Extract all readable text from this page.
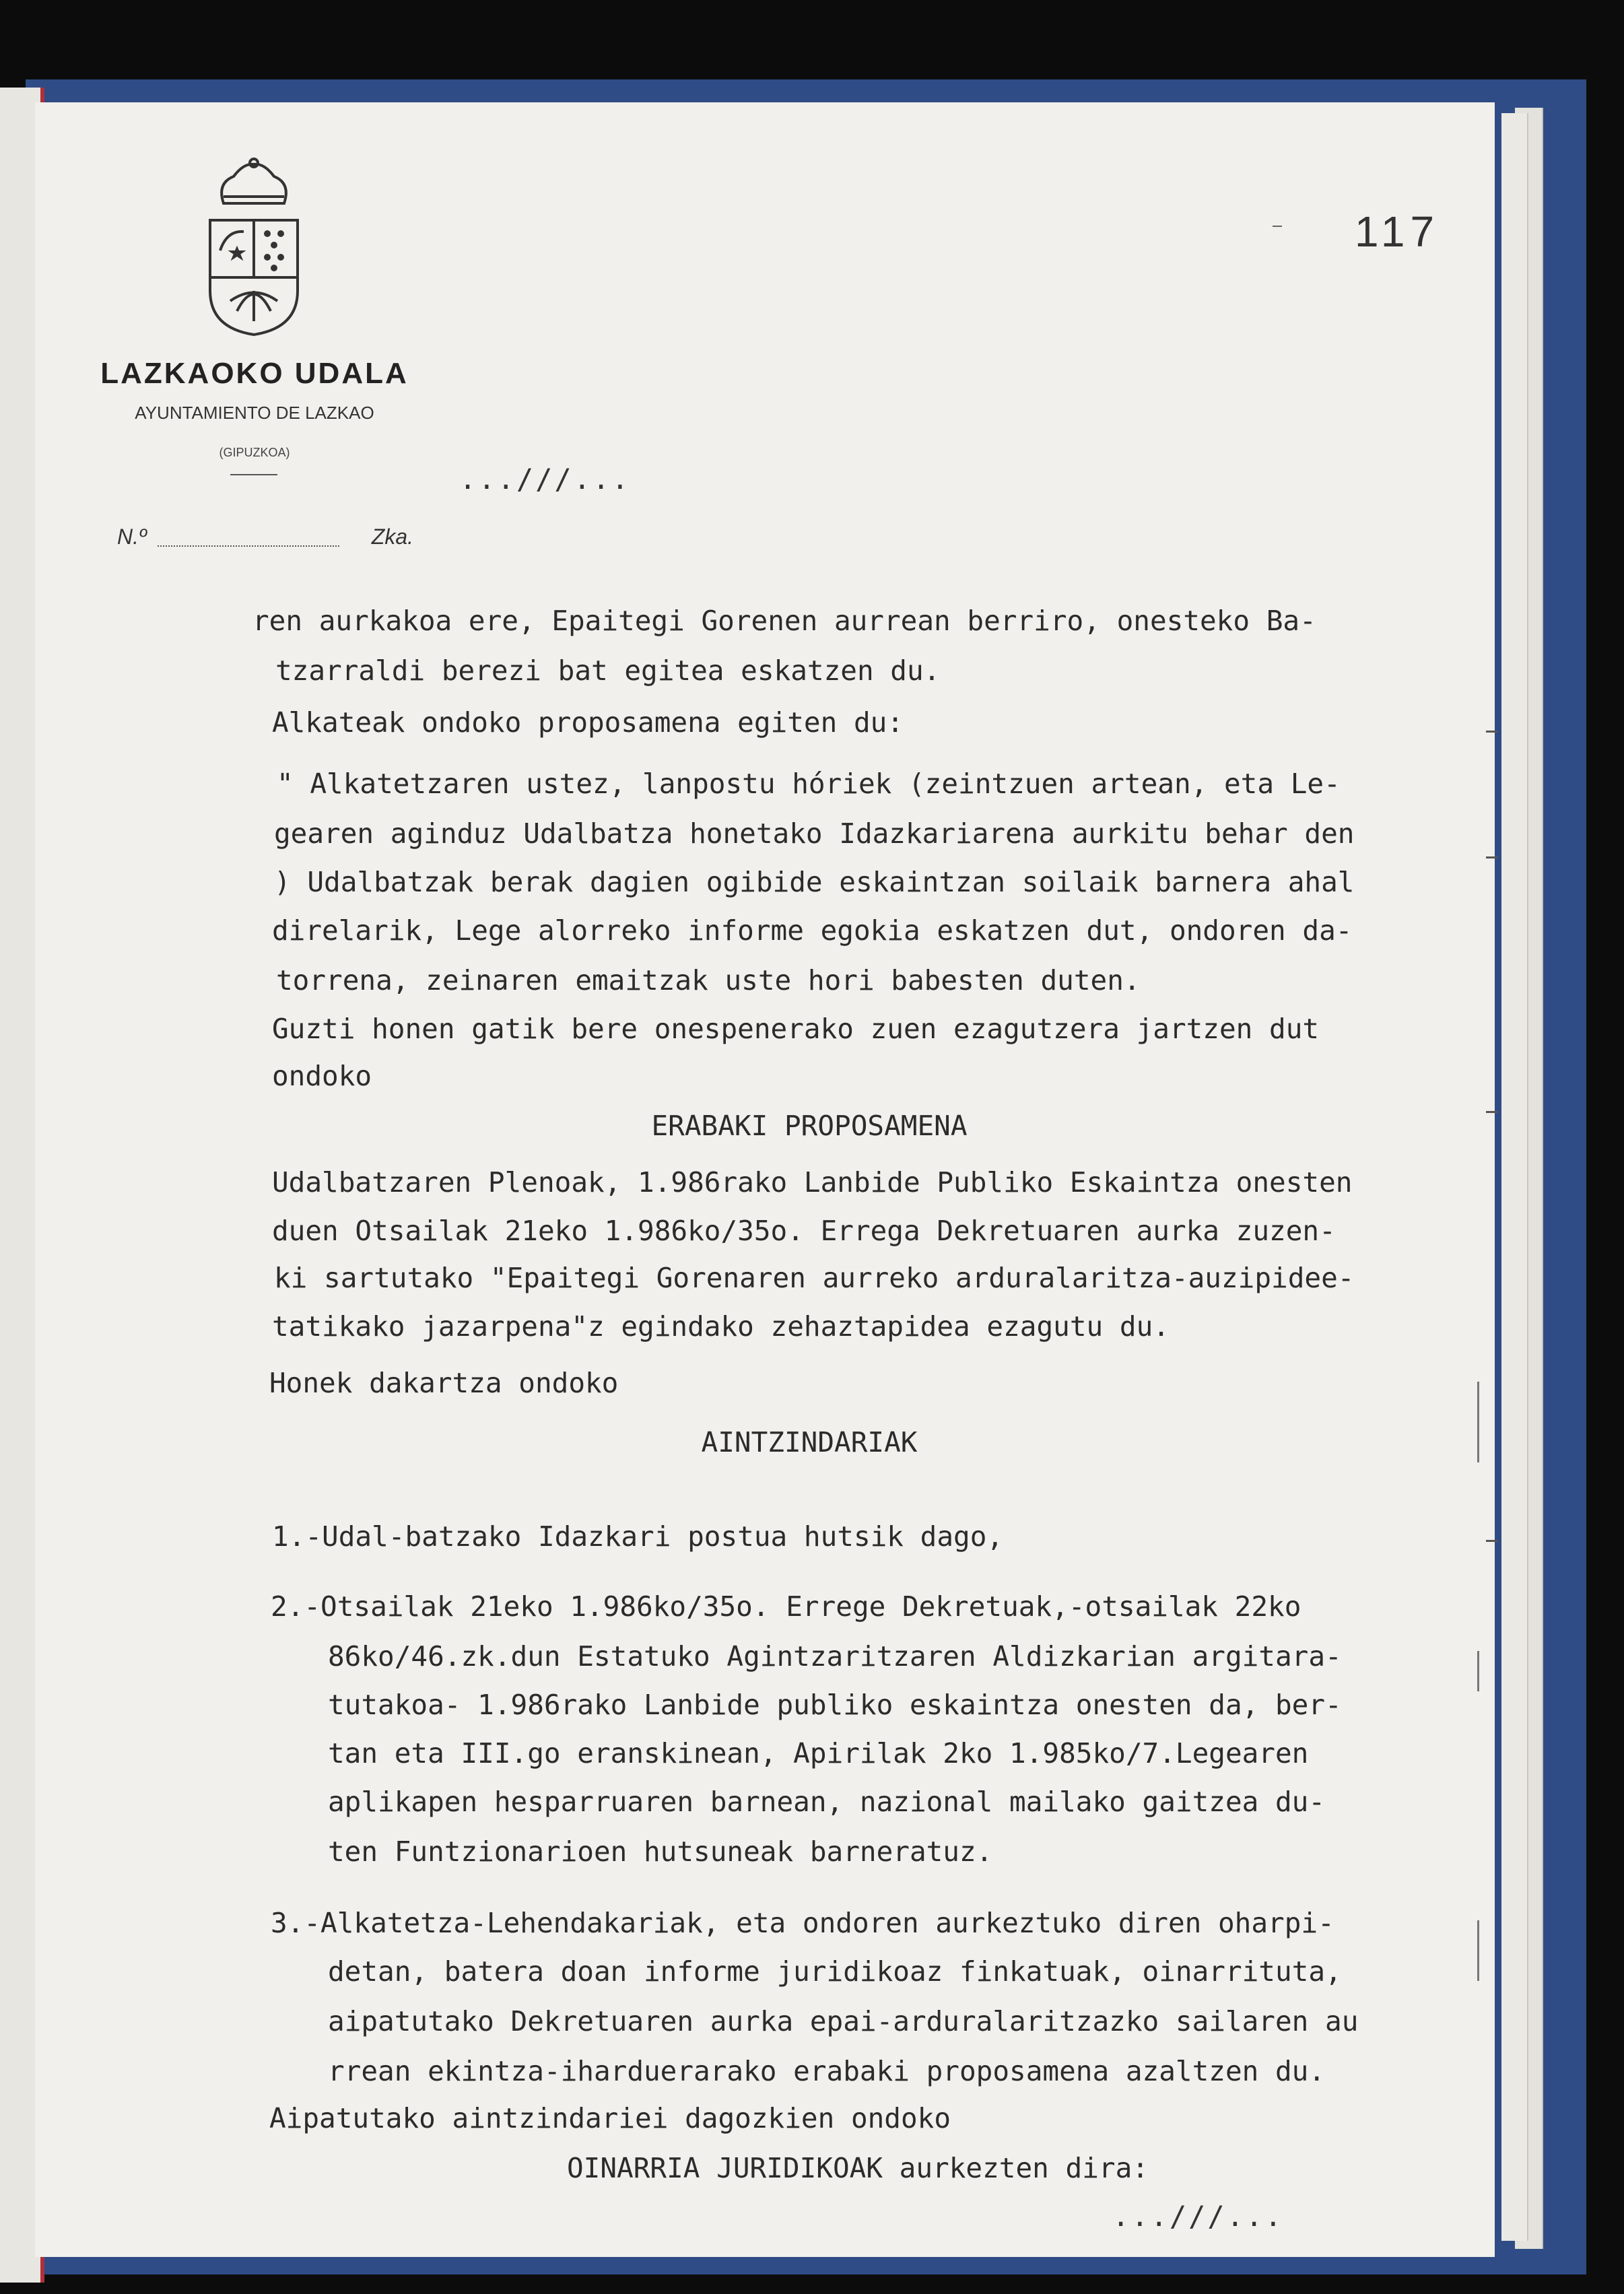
LAZKAOKO UDALA
AYUNTAMIENTO DE LAZKAO
(GIPUZKOA)
N.º	Zka.
117
...///...
ren aurkakoa ere, Epaitegi Gorenen aurrean berriro, onesteko Ba-
tzarraldi berezi bat egitea eskatzen du.
Alkateak ondoko proposamena egiten du:
" Alkatetzaren ustez, lanpostu hóriek (zeintzuen artean, eta Le-
gearen aginduz Udalbatza honetako Idazkariarena aurkitu behar den
) Udalbatzak berak dagien ogibide eskaintzan soilaik barnera ahal
direlarik, Lege alorreko informe egokia eskatzen dut, ondoren da-
torrena, zeinaren emaitzak uste hori babesten duten.
Guzti honen gatik bere onespenerako zuen ezagutzera jartzen dut
ondoko
ERABAKI PROPOSAMENA
Udalbatzaren Plenoak, 1.986rako Lanbide Publiko Eskaintza onesten
duen Otsailak 21eko 1.986ko/35o. Errega Dekretuaren aurka zuzen-
ki sartutako "Epaitegi Gorenaren aurreko arduralaritza-auzipidee-
tatikako jazarpena"z egindako zehaztapidea ezagutu du.
Honek dakartza ondoko
AINTZINDARIAK
1.-Udal-batzako Idazkari postua hutsik dago,
2.-Otsailak 21eko 1.986ko/35o. Errege Dekretuak,-otsailak 22ko
86ko/46.zk.dun Estatuko Agintzaritzaren Aldizkarian argitara-
tutakoa- 1.986rako Lanbide publiko eskaintza onesten da, ber-
tan eta III.go eranskinean, Apirilak 2ko 1.985ko/7.Legearen
aplikapen hesparruaren barnean, nazional mailako gaitzea du-
ten Funtzionarioen hutsuneak barneratuz.
3.-Alkatetza-Lehendakariak, eta ondoren aurkeztuko diren oharpi-
detan, batera doan informe juridikoaz finkatuak, oinarrituta,
aipatutako Dekretuaren aurka epai-arduralaritzazko sailaren au
rrean ekintza-iharduerarako erabaki proposamena azaltzen du.
Aipatutako aintzindariei dagozkien ondoko
OINARRIA JURIDIKOAK aurkezten dira:
...///...
